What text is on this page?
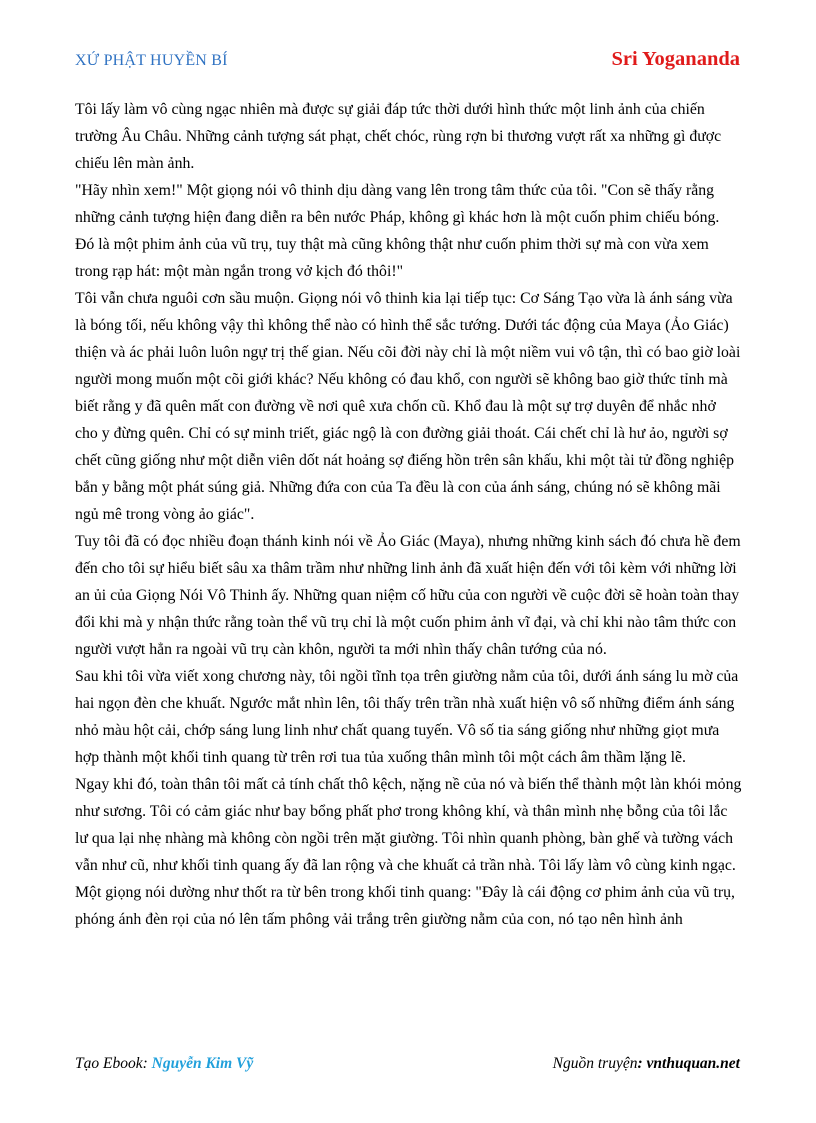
XỨ PHẬT HUYỀN BÍ	Sri Yogananda

Tôi lấy làm vô cùng ngạc nhiên mà được sự giải đáp tức thời dưới hình thức một linh ảnh của chiến trường Âu Châu. Những cảnh tượng sát phạt, chết chóc, rùng rợn bi thương vượt rất xa những gì được chiếu lên màn ảnh.

"Hãy nhìn xem!" Một giọng nói vô thinh dịu dàng vang lên trong tâm thức của tôi. "Con sẽ thấy rằng những cảnh tượng hiện đang diễn ra bên nước Pháp, không gì khác hơn là một cuốn phim chiếu bóng. Đó là một phim ảnh của vũ trụ, tuy thật mà cũng không thật như cuốn phim thời sự mà con vừa xem trong rạp hát: một màn ngắn trong vở kịch đó thôi!"

Tôi vẫn chưa nguôi cơn sầu muộn. Giọng nói vô thinh kia lại tiếp tục: Cơ Sáng Tạo vừa là ánh sáng vừa là bóng tối, nếu không vậy thì không thể nào có hình thể sắc tướng. Dưới tác động của Maya (Ảo Giác) thiện và ác phải luôn luôn ngự trị thế gian. Nếu cõi đời này chỉ là một niềm vui vô tận, thì có bao giờ loài người mong muốn một cõi giới khác? Nếu không có đau khổ, con người sẽ không bao giờ thức tỉnh mà biết rằng y đã quên mất con đường về nơi quê xưa chốn cũ. Khổ đau là một sự trợ duyên để nhắc nhở cho y đừng quên. Chỉ có sự minh triết, giác ngộ là con đường giải thoát. Cái chết chỉ là hư ảo, người sợ chết cũng giống như một diễn viên dốt nát hoảng sợ điếng hồn trên sân khấu, khi một tài tử đồng nghiệp bắn y bằng một phát súng giả. Những đứa con của Ta đều là con của ánh sáng, chúng nó sẽ không mãi ngủ mê trong vòng ảo giác".

Tuy tôi đã có đọc nhiều đoạn thánh kinh nói về Ảo Giác (Maya), nhưng những kinh sách đó chưa hề đem đến cho tôi sự hiểu biết sâu xa thâm trầm như những linh ảnh đã xuất hiện đến với tôi kèm với những lời an ủi của Giọng Nói Vô Thinh ấy. Những quan niệm cố hữu của con người về cuộc đời sẽ hoàn toàn thay đổi khi mà y nhận thức rằng toàn thể vũ trụ chỉ là một cuốn phim ảnh vĩ đại, và chỉ khi nào tâm thức con người vượt hẳn ra ngoài vũ trụ càn khôn, người ta mới nhìn thấy chân tướng của nó.

Sau khi tôi vừa viết xong chương này, tôi ngồi tĩnh tọa trên giường nằm của tôi, dưới ánh sáng lu mờ của hai ngọn đèn che khuất. Ngước mắt nhìn lên, tôi thấy trên trần nhà xuất hiện vô số những điểm ánh sáng nhỏ màu hột cải, chớp sáng lung linh như chất quang tuyến. Vô số tia sáng giống như những giọt mưa hợp thành một khối tinh quang từ trên rơi tua tủa xuống thân mình tôi một cách âm thầm lặng lẽ.

Ngay khi đó, toàn thân tôi mất cả tính chất thô kệch, nặng nề của nó và biến thể thành một làn khói mỏng như sương. Tôi có cảm giác như bay bổng phất phơ trong không khí, và thân mình nhẹ bỗng của tôi lắc lư qua lại nhẹ nhàng mà không còn ngồi trên mặt giường. Tôi nhìn quanh phòng, bàn ghế và tường vách vẫn như cũ, như khối tinh quang ấy đã lan rộng và che khuất cả trần nhà. Tôi lấy làm vô cùng kinh ngạc.

Một giọng nói dường như thốt ra từ bên trong khối tinh quang: "Đây là cái động cơ phim ảnh của vũ trụ, phóng ánh đèn rọi của nó lên tấm phông vải trắng trên giường nằm của con, nó tạo nên hình ảnh

Tạo Ebook: Nguyễn Kim Vỹ	Nguồn truyện: vnthuquan.net
